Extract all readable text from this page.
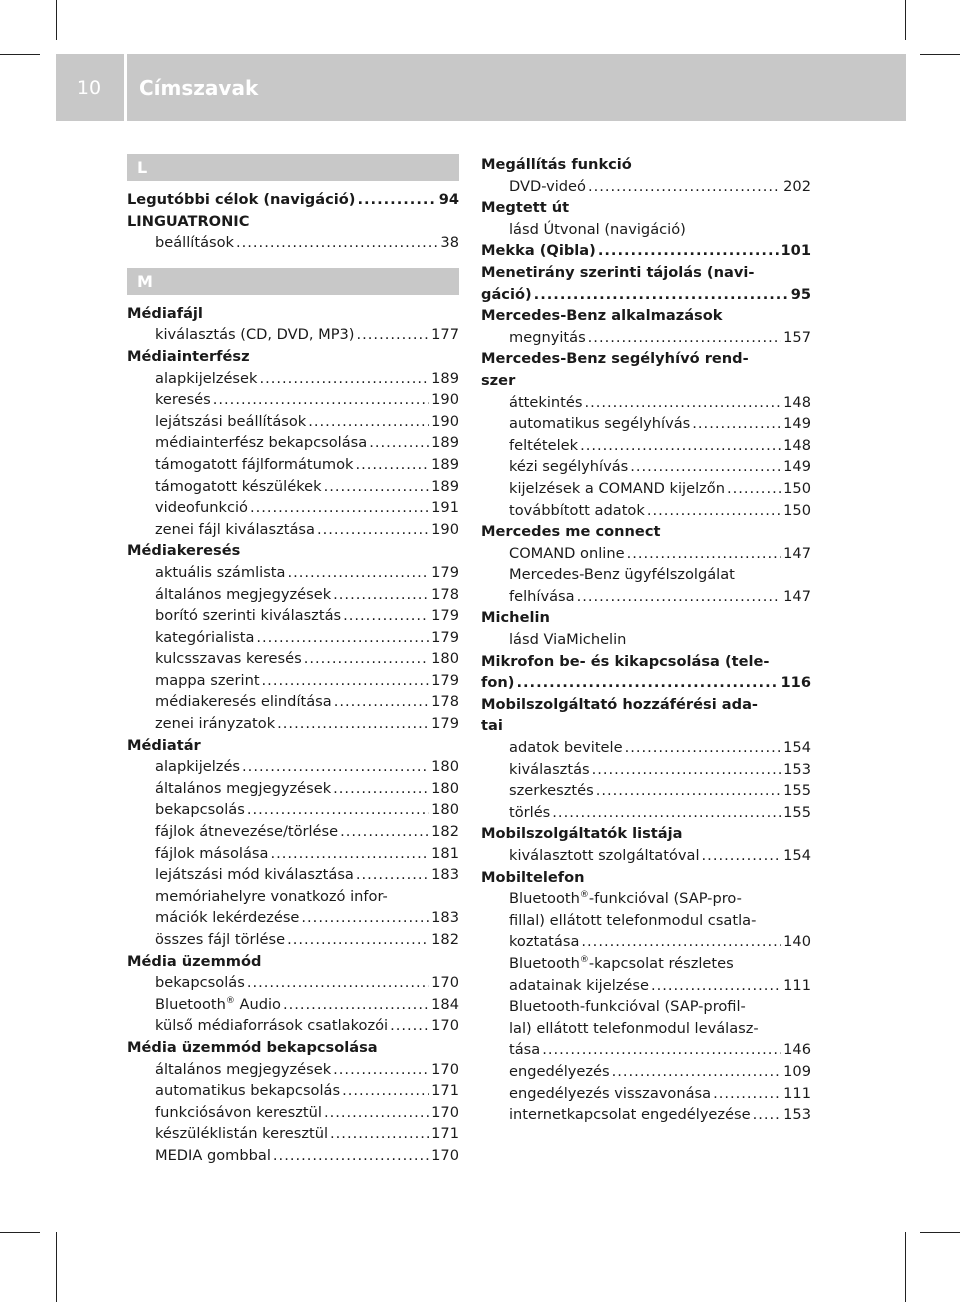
10	Címszavak
L
Legutóbbi célok (navigáció) .....	94
LINGUATRONIC
beállítások .....	38
M
Médiafájl
kiválasztás (CD, DVD, MP3) .....	177
Médiainterfész
alapkijelzések .....	189
keresés .....	190
lejátszási beállítások .....	190
médiainterfész bekapcsolása .....	189
támogatott fájlformátumok .....	189
támogatott készülékek .....	189
videofunkció .....	191
zenei fájl kiválasztása .....	190
Médiakeresés
aktuális számlista .....	179
általános megjegyzések .....	178
borító szerinti kiválasztás .....	179
kategórialista .....	179
kulcsszavas keresés .....	180
mappa szerint .....	179
médiakeresés elindítása .....	178
zenei irányzatok .....	179
Médiatár
alapkijelzés .....	180
általános megjegyzések .....	180
bekapcsolás .....	180
fájlok átnevezése/törlése .....	182
fájlok másolása .....	181
lejátszási mód kiválasztása .....	183
memóriahelyre vonatkozó infor-
mációk lekérdezése .....	183
összes fájl törlése .....	182
Média üzemmód
bekapcsolás .....	170
Bluetooth® Audio .....	184
külső médiaforrások csatlakozói .....	170
Média üzemmód bekapcsolása
általános megjegyzések .....	170
automatikus bekapcsolás .....	171
funkciósávon keresztül .....	170
készüléklistán keresztül .....	171
MEDIA gombbal .....	170
Megállítás funkció
DVD-videó .....	202
Megtett út
lásd Útvonal (navigáció)
Mekka (Qibla) .....	101
Menetirány szerinti tájolás (navi-
gáció) .....	95
Mercedes-Benz alkalmazások
megnyitás .....	157
Mercedes-Benz segélyhívó rend-
szer
áttekintés .....	148
automatikus segélyhívás .....	149
feltételek .....	148
kézi segélyhívás .....	149
kijelzések a COMAND kijelzőn .....	150
továbbított adatok .....	150
Mercedes me connect
COMAND online .....	147
Mercedes-Benz ügyfélszolgálat
felhívása .....	147
Michelin
lásd ViaMichelin
Mikrofon be- és kikapcsolása (tele-
fon) .....	116
Mobilszolgáltató hozzáférési ada-
tai
adatok bevitele .....	154
kiválasztás .....	153
szerkesztés .....	155
törlés .....	155
Mobilszolgáltatók listája
kiválasztott szolgáltatóval .....	154
Mobiltelefon
Bluetooth®-funkcióval (SAP-pro-
fillal) ellátott telefonmodul csatla-
koztatása .....	140
Bluetooth®-kapcsolat részletes
adatainak kijelzése .....	111
Bluetooth-funkcióval (SAP-profil-
lal) ellátott telefonmodul leválasz-
tása .....	146
engedélyezés .....	109
engedélyezés visszavonása .....	111
internetkapcsolat engedélyezése ..... 153
